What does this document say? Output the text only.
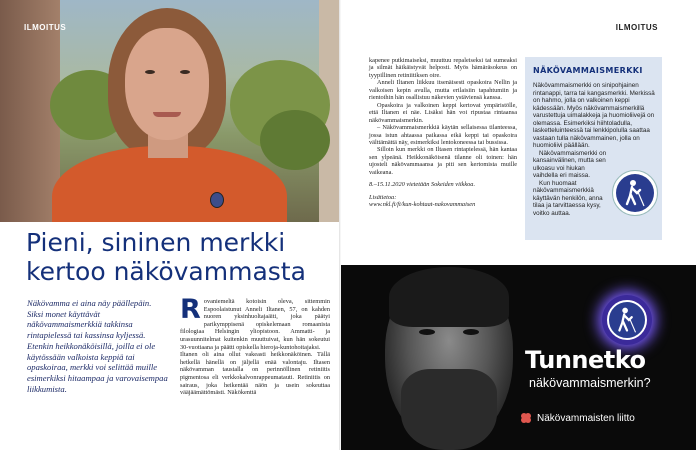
ILMOITUS
Pieni, sininen merkki kertoo näkövammasta

Näkövamma ei aina näy päällepäin. Siksi monet käyttävät näkövammaismerkkiä takkinsa rintapielessä tai kassinsa kyljessä. Etenkin heikkonäköisillä, joilla ei ole käytössään valkoista keppiä tai opaskoiraa, merkki voi selittää muille esimerkiksi hitaampaa ja varovaisempaa liikkumista.

R ovaniemeltä kotoisin oleva, sittemmin Espoolaistunut Anneli Iltanen, 57, on kahden nuoren yksinhuoltajaäiti, joka päätyi parikymppisenä opiskelemaan romaanista filologiaa Helsingin yliopistoon. Ammatti- ja urasuunnitelmat kuitenkin muuttuivat, kun hän sokeutui 30-vuotiaana ja päätti opiskella hieroja-kuntohoitajaksi.
Iltanen oli aina ollut vakeasti heikkonäköinen. Tällä hetkellä hänellä on jäljellä enää valontaju. Iltasen näkövamman taustalla on perinnöllinen retiniitis pigmentosa eli verkkokalvonrappeumatauti. Retiniitis on sairaus, joka heikentää näön ja usein sokeuttaa vääjäämättömästi. Näkökenttä
ILMOITUS

kapenee putkimaiseksi, muuttuu repaleiseksi tai sumeaksi ja silmät häikäistyvät helposti. Myös hämäräsokeus on tyypillinen retiniitiksen oire.

Anneli Iltanen liikkuu itsenäisesti opaskoira Nellin ja valkoisen kepin avulla, mutta erilaisiin tapahtumiin ja rientoihin hän osallistuu näkevien ystäviensä kanssa.

Opaskoira ja valkoinen keppi kertovat ympäristölle, että Iltanen ei näe. Lisäksi hän voi ripustaa rintaansa näkövammaismerkin.

– Näkövammaismerkkiä käytän sellaisessa tilanteessa, jossa istun ahtaassa paikassa eikä keppi tai opaskoira välttämättä näy, esimerkiksi lentokoneessa tai bussissa.

Silloin kun merkki on Iltasen rintapielessä, hän kantaa sen ylpeänä. Heikkonäköisenä tilanne oli toinen: hän ujosteli näkövammaansa ja piti sen kertomista muille vaikeana.

8.–15.11.2020 vietetään Sokeiden viikkoa.

Lisätietoa:

www.nkl.fi/fi/kun-kohtaat-nakovammaisen

NÄKÖVAMMAISMERKKI

Näkövammaismerkki on sinipohjainen rintanappi, tarra tai kangasmerkki. Merkissä on hahmo, jolla on valkoinen keppi kädessään. Myös näkövammaismerkillä varustettuja uimalakkeja ja huomioliivejä on olemassa. Esimerkiksi hiihtoladulla, lasketteluinteessä tai lenkkipolulla saattaa vastaan tulla näkövammainen, jolla on huomioliivi päällään.

Näkövammaismerkki on kansainvälinen, mutta sen ulkoasu voi hiukan vaihdella eri maissa.

Kun huomaat näkövammaismerkkiä käyttävän henkilön, anna tilaa ja tarvittaessa kysy, voitko auttaa.

Tunnetko
näkövammaismerkin?
Näkövammaisten liitto
